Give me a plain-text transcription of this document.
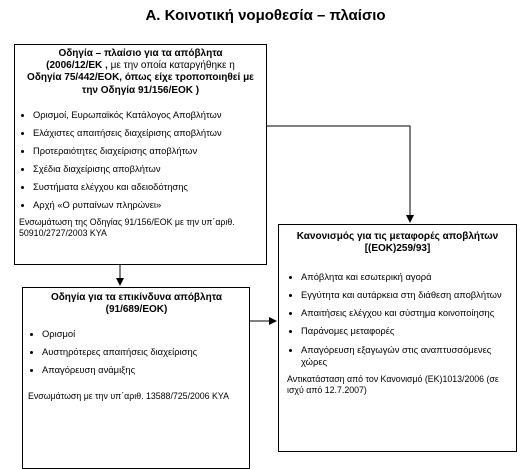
Α. Κοινοτική νομοθεσία – πλαίσιο
Οδηγία – πλαίσιο για τα απόβλητα
(2006/12/ΕΚ , με την οποία καταργήθηκε η
Οδηγία 75/442/ΕΟΚ, όπως είχε τροποποιηθεί με
την Οδηγία 91/156/ΕΟΚ )
Ορισμοί, Ευρωπαϊκός Κατάλογος Αποβλήτων
Ελάχιστες απαιτήσεις διαχείρισης αποβλήτων
Προτεραιότητες διαχείρισης αποβλήτων
Σχέδια διαχείρισης αποβλήτων
Συστήματα ελέγχου και αδειοδότησης
Αρχή «Ο ρυπαίνων πληρώνει»
Ενσωμάτωση της Οδηγίας 91/156/ΕΟΚ με την υπ΄αριθ. 50910/2727/2003 ΚΥΑ
Οδηγία για τα επικίνδυνα απόβλητα
(91/689/ΕΟΚ)
Ορισμοί
Αυστηρότερες απαιτήσεις διαχείρισης
Απαγόρευση ανάμιξης
Ενσωμάτωση με την υπ΄αριθ. 13588/725/2006 ΚΥΑ
Κανονισμός για τις μεταφορές αποβλήτων
[(ΕΟΚ)259/93]
Απόβλητα και εσωτερική αγορά
Εγγύτητα και αυτάρκεια στη διάθεση αποβλήτων
Απαιτήσεις ελέγχου και σύστημα κοινοποίησης
Παράνομες μεταφορές
Απαγόρευση εξαγωγών στις αναπτυσσόμενες χώρες
Αντικατάσταση από τον Κανονισμό (ΕΚ)1013/2006 (σε ισχύ από 12.7.2007)
